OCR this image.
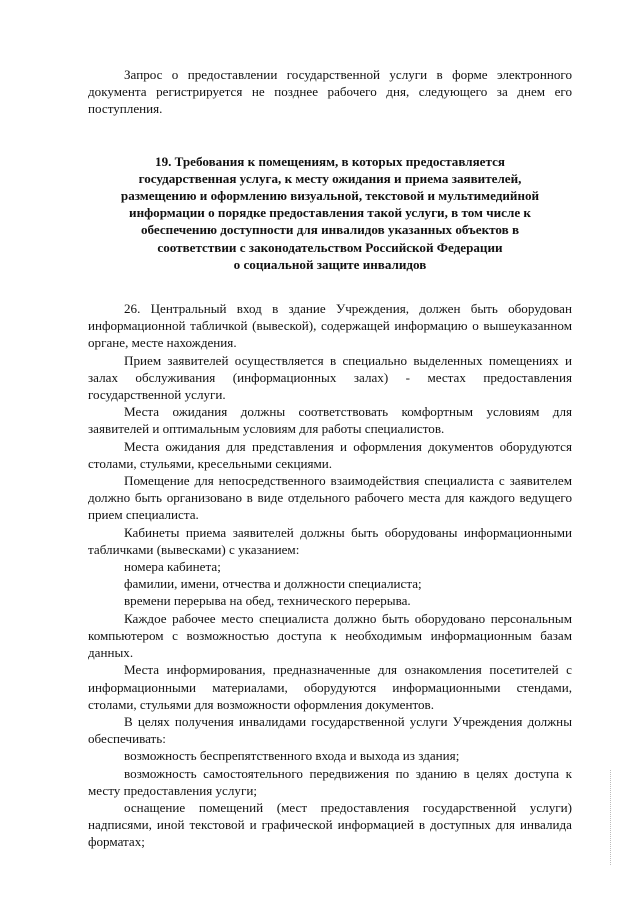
Запрос о предоставлении государственной услуги в форме электронного документа регистрируется не позднее рабочего дня, следующего за днем его поступления.

19. Требования к помещениям, в которых предоставляется
государственная услуга, к месту ожидания и приема заявителей,
размещению и оформлению визуальной, текстовой и мультимедийной
информации о порядке предоставления такой услуги, в том числе к
обеспечению доступности для инвалидов указанных объектов в
соответствии с законодательством Российской Федерации
о социальной защите инвалидов

26. Центральный вход в здание Учреждения, должен быть оборудован информационной табличкой (вывеской), содержащей информацию о вышеуказанном органе, месте нахождения.

Прием заявителей осуществляется в специально выделенных помещениях и залах обслуживания (информационных залах) - местах предоставления государственной услуги.

Места ожидания должны соответствовать комфортным условиям для заявителей и оптимальным условиям для работы специалистов.

Места ожидания для представления и оформления документов оборудуются столами, стульями, кресельными секциями.

Помещение для непосредственного взаимодействия специалиста с заявителем должно быть организовано в виде отдельного рабочего места для каждого ведущего прием специалиста.

Кабинеты приема заявителей должны быть оборудованы информационными табличками (вывесками) с указанием:

номера кабинета;

фамилии, имени, отчества и должности специалиста;

времени перерыва на обед, технического перерыва.

Каждое рабочее место специалиста должно быть оборудовано персональным компьютером с возможностью доступа к необходимым информационным базам данных.

Места информирования, предназначенные для ознакомления посетителей с информационными материалами, оборудуются информационными стендами, столами, стульями для возможности оформления документов.

В целях получения инвалидами государственной услуги Учреждения должны обеспечивать:

возможность беспрепятственного входа и выхода из здания;

возможность самостоятельного передвижения по зданию в целях доступа к месту предоставления услуги;

оснащение помещений (мест предоставления государственной услуги) надписями, иной текстовой и графической информацией в доступных для инвалида форматах;
